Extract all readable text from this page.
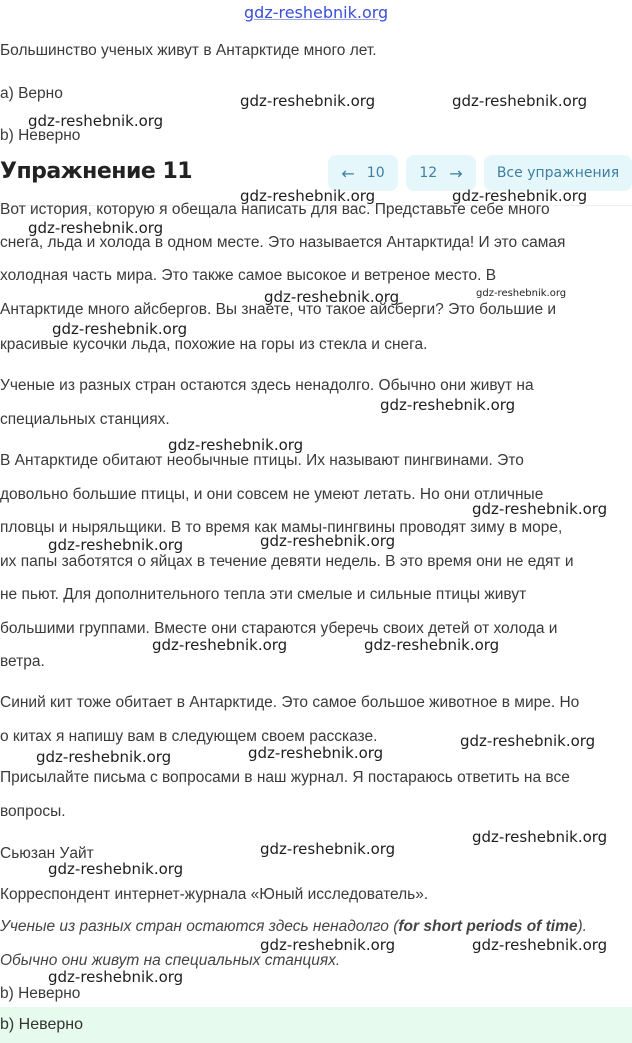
gdz-reshebnik.org
Большинство ученых живут в Антарктиде много лет.
а) Верно
b) Неверно
Упражнение 11	← 10 12 → Все упражнения
Вот история, которую я обещала написать для вас. Представьте себе много
снега, льда и холода в одном месте. Это называется Антарктида! И это самая
холодная часть мира. Это также самое высокое и ветреное место. В
Антарктиде много айсбергов. Вы знаете, что такое айсберги? Это большие и
красивые кусочки льда, похожие на горы из стекла и снега.
Ученые из разных стран остаются здесь ненадолго. Обычно они живут на
специальных станциях.
В Антарктиде обитают необычные птицы. Их называют пингвинами. Это
довольно большие птицы, и они совсем не умеют летать. Но они отличные
пловцы и ныряльщики. В то время как мамы-пингвины проводят зиму в море,
их папы заботятся о яйцах в течение девяти недель. В это время они не едят и
не пьют. Для дополнительного тепла эти смелые и сильные птицы живут
большими группами. Вместе они стараются уберечь своих детей от холода и
ветра.
Синий кит тоже обитает в Антарктиде. Это самое большое животное в мире. Но
о китах я напишу вам в следующем своем рассказе.
Присылайте письма с вопросами в наш журнал. Я постараюсь ответить на все
вопросы.
Сьюзан Уайт
Корреспондент интернет-журнала «Юный исследователь».
Ученые из разных стран остаются здесь ненадолго (for short periods of time).
Обычно они живут на специальных станциях.
b) Неверно
b) Неверно
gdz-reshebnik.org	gdz-reshebnik.org
gdz-reshebnik.org
gdz-reshebnik.org	gdz-reshebnik.org
gdz-reshebnik.org
gdz-reshebnik.org	gdz-reshebnik.org
gdz-reshebnik.org
gdz-reshebnik.org
gdz-reshebnik.org
gdz-reshebnik.org
gdz-reshebnik.org
gdz-reshebnik.org
gdz-reshebnik.org	gdz-reshebnik.org
gdz-reshebnik.org
gdz-reshebnik.org
gdz-reshebnik.org
gdz-reshebnik.org
gdz-reshebnik.org
gdz-reshebnik.org
gdz-reshebnik.org	gdz-reshebnik.org
gdz-reshebnik.org
